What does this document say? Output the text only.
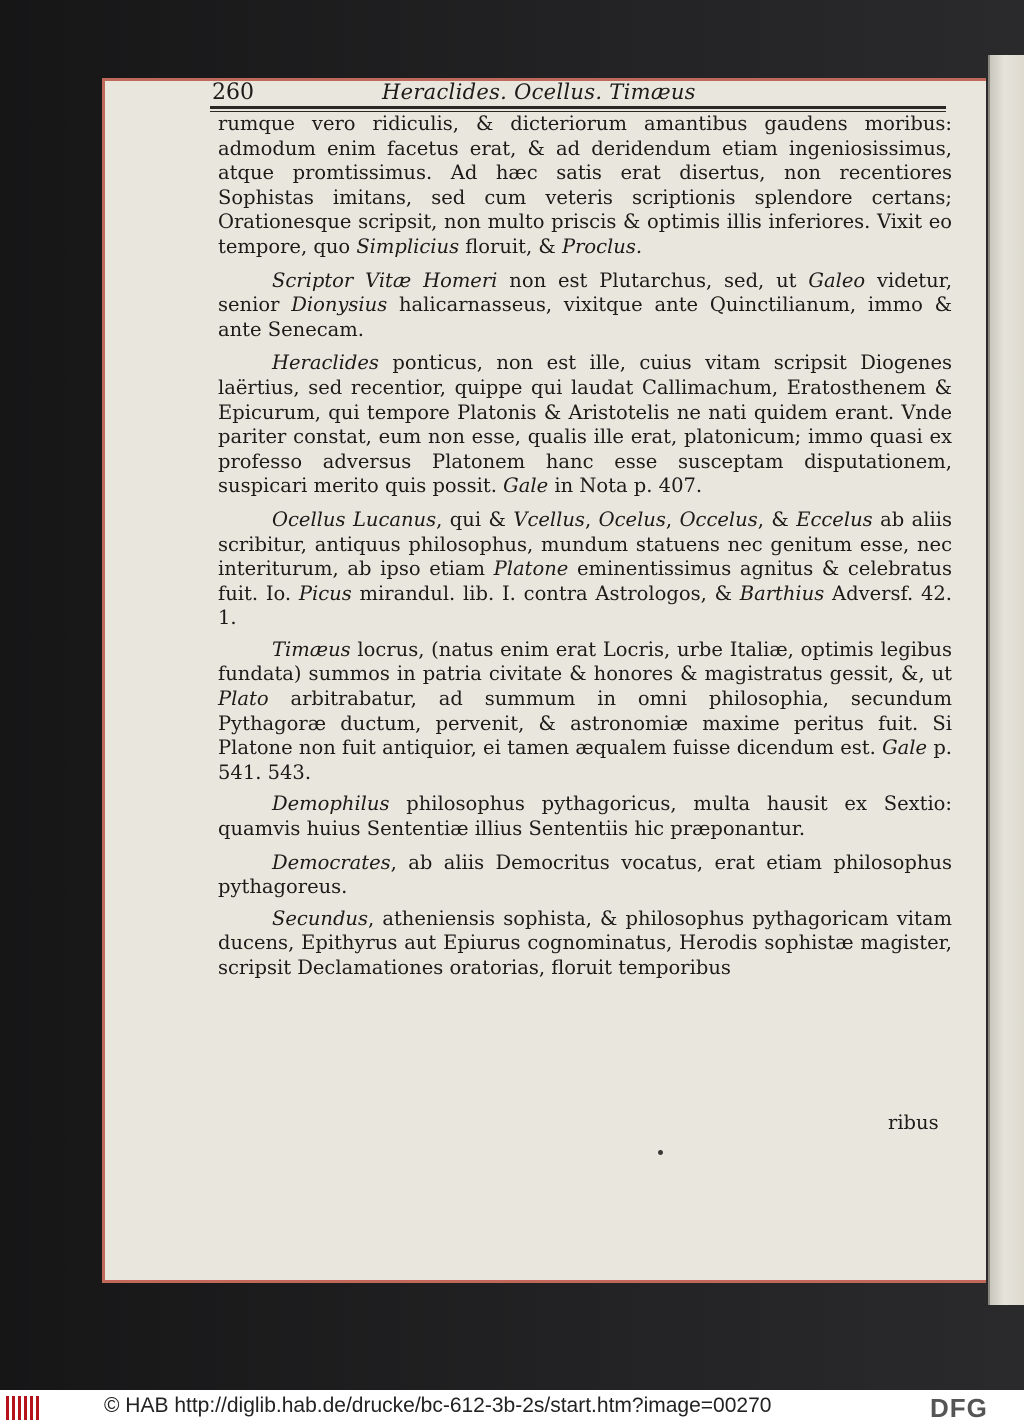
260	Heraclides. Ocellus. Timæus

rumque vero ridiculis, & dicteriorum amantibus gaudens moribus: admodum enim facetus erat, & ad deridendum etiam ingeniosissimus, atque promtissimus. Ad hæc satis erat disertus, non recentiores Sophistas imitans, sed cum veteris scriptionis splendore certans; Orationesque scripsit, non multo priscis & optimis illis inferiores. Vixit eo tempore, quo Simplicius floruit, & Proclus.

Scriptor Vitæ Homeri non est Plutarchus, sed, ut Galeo videtur, senior Dionysius halicarnasseus, vixitque ante Quinctilianum, immo & ante Senecam.

Heraclides ponticus, non est ille, cuius vitam scripsit Diogenes laërtius, sed recentior, quippe qui laudat Callimachum, Eratosthenem & Epicurum, qui tempore Platonis & Aristotelis ne nati quidem erant. Vnde pariter constat, eum non esse, qualis ille erat, platonicum; immo quasi ex professo adversus Platonem hanc esse susceptam disputationem, suspicari merito quis possit. Gale in Nota p. 407.

Ocellus Lucanus, qui & Vcellus, Ocelus, Occelus, & Eccelus ab aliis scribitur, antiquus philosophus, mundum statuens nec genitum esse, nec interiturum, ab ipso etiam Platone eminentissimus agnitus & celebratus fuit. Io. Picus mirandul. lib. I. contra Astrologos, & Barthius Adversf. 42. 1.

Timæus locrus, (natus enim erat Locris, urbe Italiæ, optimis legibus fundata) summos in patria civitate & honores & magistratus gessit, &, ut Plato arbitrabatur, ad summum in omni philosophia, secundum Pythagoræ ductum, pervenit, & astronomiæ maxime peritus fuit. Si Platone non fuit antiquior, ei tamen æqualem fuisse dicendum est. Gale p. 541. 543.

Demophilus philosophus pythagoricus, multa hausit ex Sextio: quamvis huius Sententiæ illius Sententiis hic præponantur.

Democrates, ab aliis Democritus vocatus, erat etiam philosophus pythagoreus.

Secundus, atheniensis sophista, & philosophus pythagoricam vitam ducens, Epithyrus aut Epiurus cognominatus, Herodis sophistæ magister, scripsit Declamationes oratorias, floruit temporibus

ribus
© HAB http://diglib.hab.de/drucke/bc-612-3b-2s/start.htm?image=00270	DFG
